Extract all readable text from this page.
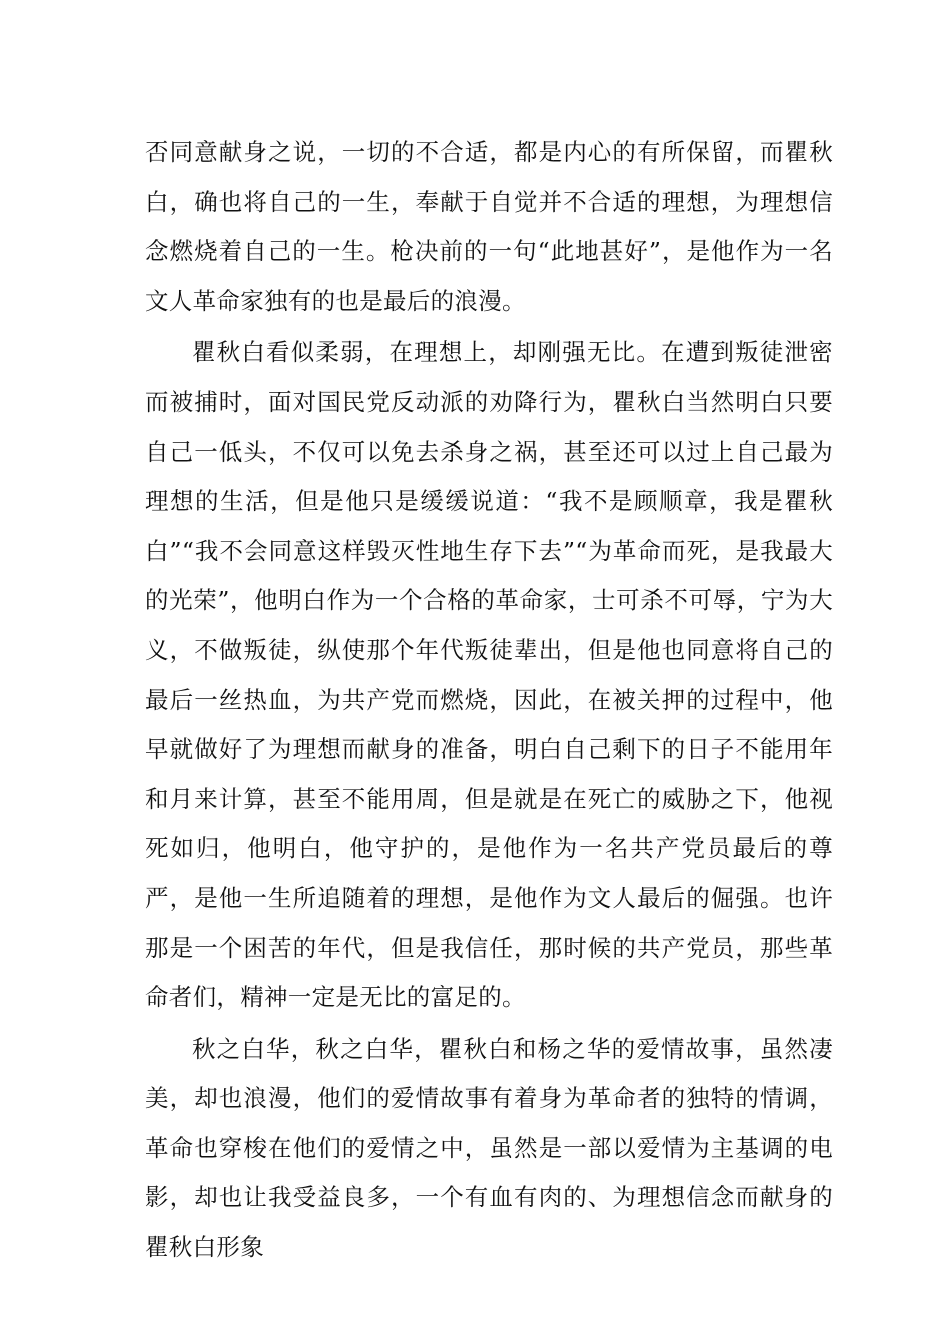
否同意献身之说，一切的不合适，都是内心的有所保留，而瞿秋白，确也将自己的一生，奉献于自觉并不合适的理想，为理想信念燃烧着自己的一生。枪决前的一句“此地甚好”，是他作为一名文人革命家独有的也是最后的浪漫。

瞿秋白看似柔弱，在理想上，却刚强无比。在遭到叛徒泄密而被捕时，面对国民党反动派的劝降行为，瞿秋白当然明白只要自己一低头，不仅可以免去杀身之祸，甚至还可以过上自己最为理想的生活，但是他只是缓缓说道：“我不是顾顺章，我是瞿秋白”“我不会同意这样毁灭性地生存下去”“为革命而死，是我最大的光荣”，他明白作为一个合格的革命家，士可杀不可辱，宁为大义，不做叛徒，纵使那个年代叛徒辈出，但是他也同意将自己的最后一丝热血，为共产党而燃烧，因此，在被关押的过程中，他早就做好了为理想而献身的准备，明白自己剩下的日子不能用年和月来计算，甚至不能用周，但是就是在死亡的威胁之下，他视死如归，他明白，他守护的，是他作为一名共产党员最后的尊严，是他一生所追随着的理想，是他作为文人最后的倔强。也许那是一个困苦的年代，但是我信任，那时候的共产党员，那些革命者们，精神一定是无比的富足的。

秋之白华，秋之白华，瞿秋白和杨之华的爱情故事，虽然凄美，却也浪漫，他们的爱情故事有着身为革命者的独特的情调，革命也穿梭在他们的爱情之中，虽然是一部以爱情为主基调的电影，却也让我受益良多，一个有血有肉的、为理想信念而献身的瞿秋白形象
